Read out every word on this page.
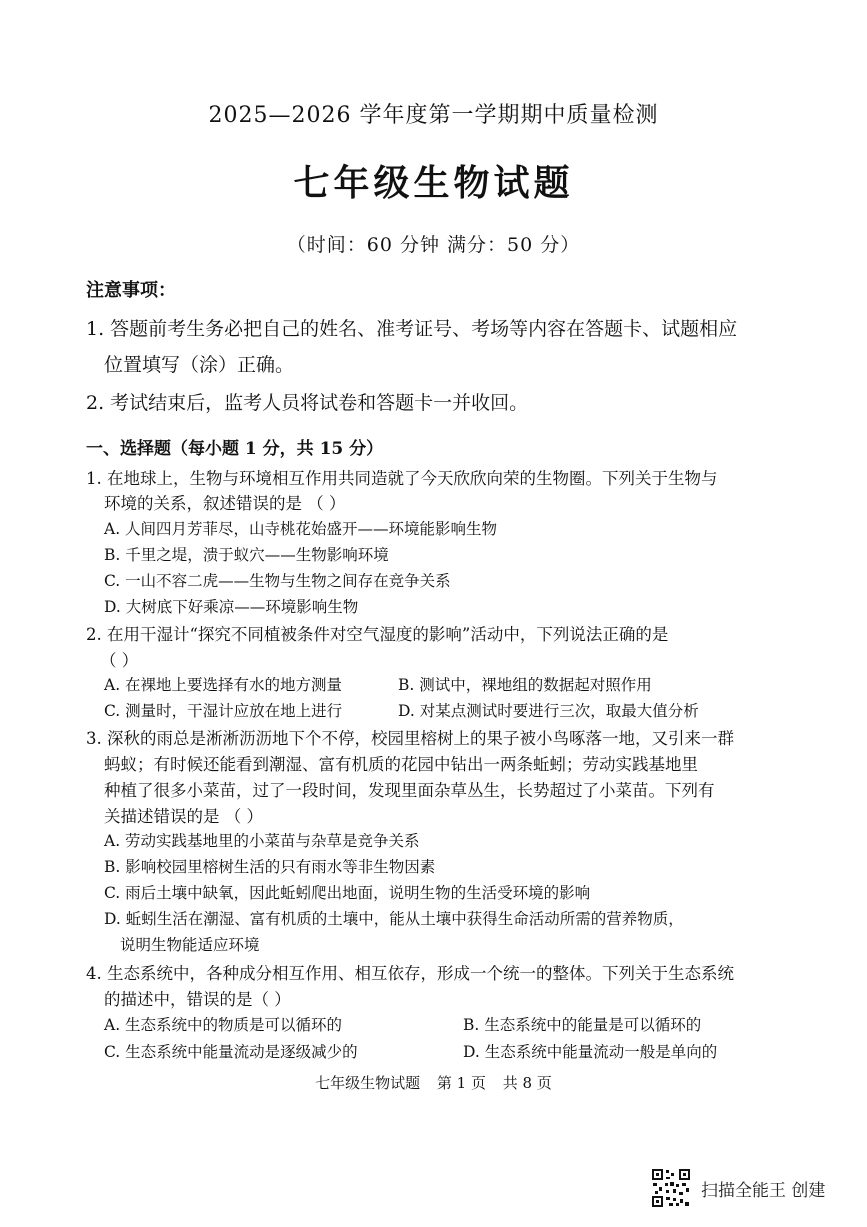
2025—2026 学年度第一学期期中质量检测
七年级生物试题
（时间：60 分钟 满分：50 分）
注意事项：
1. 答题前考生务必把自己的姓名、准考证号、考场等内容在答题卡、试题相应
位置填写（涂）正确。
2. 考试结束后，监考人员将试卷和答题卡一并收回。
一、选择题（每小题 1 分，共 15 分）
1. 在地球上，生物与环境相互作用共同造就了今天欣欣向荣的生物圈。下列关于生物与
环境的关系，叙述错误的是 （ ）
A. 人间四月芳菲尽，山寺桃花始盛开——环境能影响生物
B. 千里之堤，溃于蚁穴——生物影响环境
C. 一山不容二虎——生物与生物之间存在竞争关系
D. 大树底下好乘凉——环境影响生物
2. 在用干湿计“探究不同植被条件对空气湿度的影响”活动中，下列说法正确的是
（ ）
A. 在裸地上要选择有水的地方测量	B. 测试中，裸地组的数据起对照作用
C. 测量时，干湿计应放在地上进行	D. 对某点测试时要进行三次，取最大值分析
3. 深秋的雨总是淅淅沥沥地下个不停，校园里榕树上的果子被小鸟啄落一地，又引来一群
蚂蚁；有时候还能看到潮湿、富有机质的花园中钻出一两条蚯蚓；劳动实践基地里
种植了很多小菜苗，过了一段时间，发现里面杂草丛生，长势超过了小菜苗。下列有
关描述错误的是 （ ）
A. 劳动实践基地里的小菜苗与杂草是竞争关系
B. 影响校园里榕树生活的只有雨水等非生物因素
C. 雨后土壤中缺氧，因此蚯蚓爬出地面，说明生物的生活受环境的影响
D. 蚯蚓生活在潮湿、富有机质的土壤中，能从土壤中获得生命活动所需的营养物质，
说明生物能适应环境
4. 生态系统中，各种成分相互作用、相互依存，形成一个统一的整体。下列关于生态系统
的描述中，错误的是（ ）
A. 生态系统中的物质是可以循环的	B. 生态系统中的能量是可以循环的
C. 生态系统中能量流动是逐级减少的	D. 生态系统中能量流动一般是单向的
七年级生物试题 第 1 页 共 8 页
扫描全能王 创建
